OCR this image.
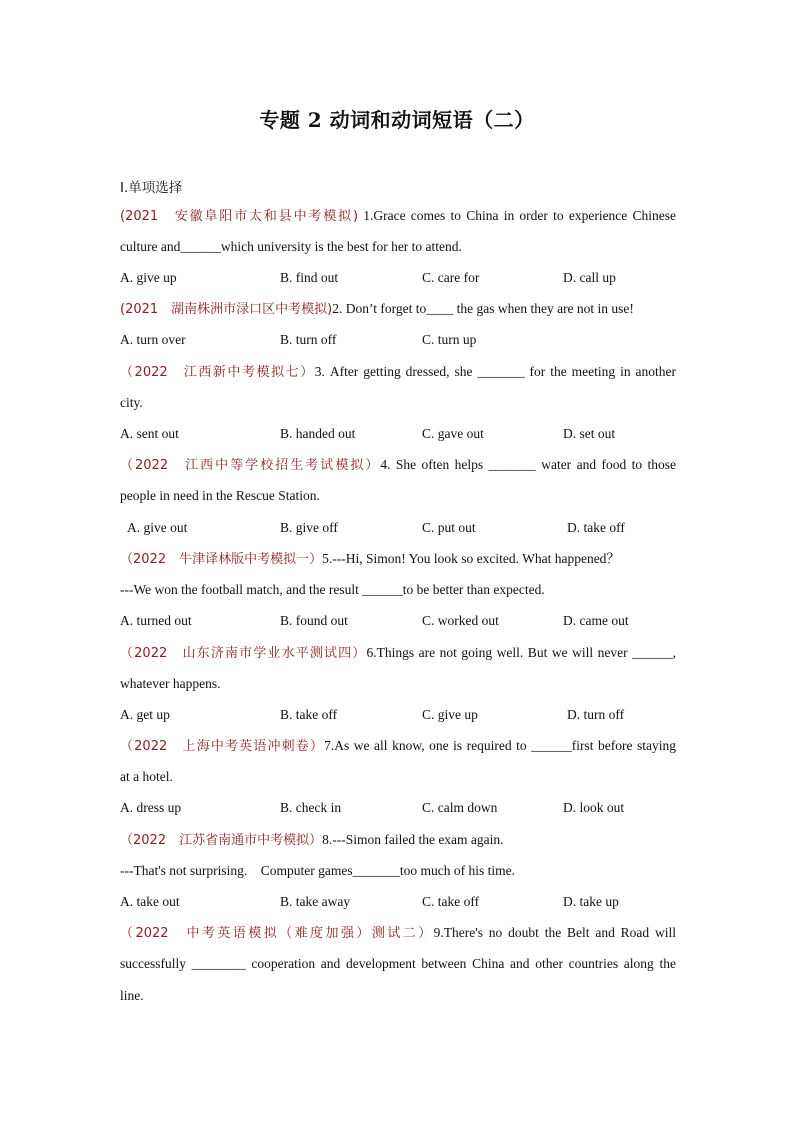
专题 2 动词和动词短语（二）
Ⅰ.单项选择
(2021　安徽阜阳市太和县中考模拟) 1.Grace comes to China in order to experience Chinese
culture and______which university is the best for her to attend.
A. give up	B. find out	C. care for	D. call up
(2021　湖南株洲市渌口区中考模拟)2. Don’t forget to____ the gas when they are not in use!
A. turn over	B. turn off	C. turn up
（2022　江西新中考模拟七）3. After getting dressed, she _______ for the meeting in another
city.
A. sent out	B. handed out	C. gave out	D. set out
（2022　江西中等学校招生考试模拟）4. She often helps _______ water and food to those
people in need in the Rescue Station.
A. give out	B. give off	C. put out	D. take off
（2022　牛津译林版中考模拟一）5.---Hi, Simon! You look so excited. What happened？
---We won the football match, and the result ______to be better than expected.
A. turned out	B. found out	C. worked out	D. came out
（2022　山东济南市学业水平测试四）6.Things are not going well. But we will never ______,
whatever happens.
A. get up	B. take off	C. give up	D. turn off
（2022　上海中考英语冲刺卷）7.As we all know, one is required to ______first before staying
at a hotel.
A. dress up	B. check in	C. calm down	D. look out
（2022　江苏省南通市中考模拟）8.---Simon failed the exam again.
---That's not surprising.　Computer games_______too much of his time.
A. take out	B. take away	C. take off	D. take up
（2022　中考英语模拟（难度加强）测试二）9.There's no doubt the Belt and Road will
successfully ________ cooperation and development between China and other countries along the
line.
